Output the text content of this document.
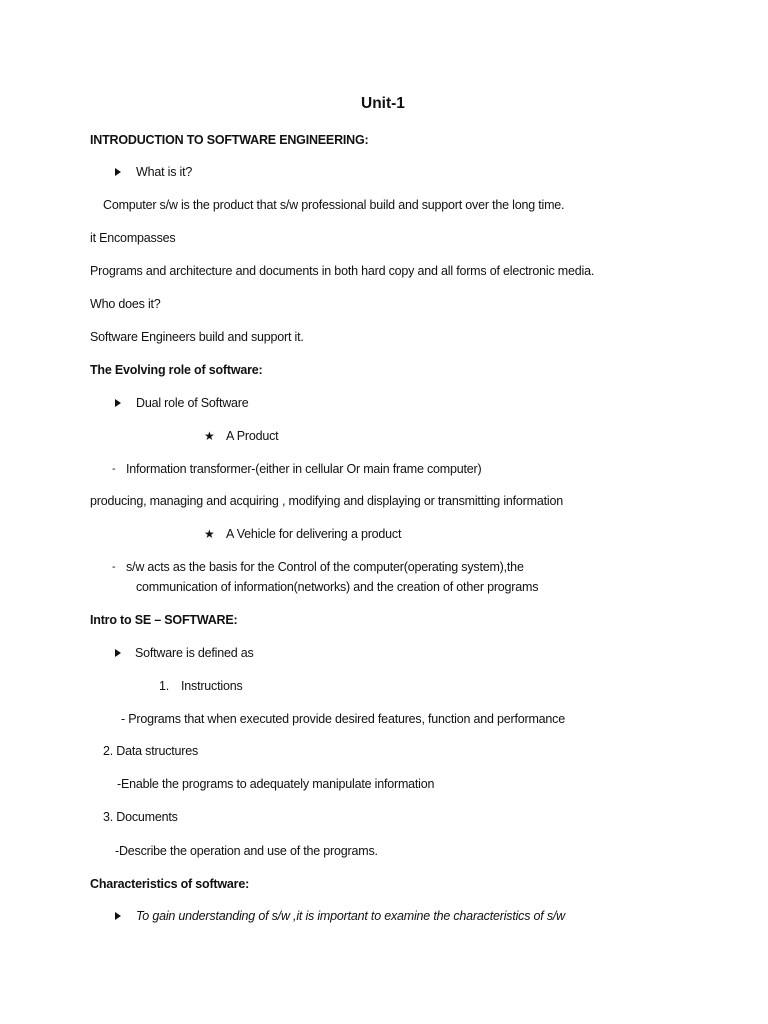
Unit-1
INTRODUCTION TO SOFTWARE ENGINEERING:
What is it?
Computer s/w is the product that s/w professional build and support over the long time.
it Encompasses
Programs and architecture and documents in both hard copy and all forms of electronic media.
Who does it?
Software Engineers build and support it.
The Evolving role of software:
Dual role of Software
★ A Product
- Information transformer-(either in cellular Or main frame computer)
producing, managing and acquiring , modifying and displaying or transmitting information
★ A Vehicle for delivering a product
- s/w acts as the basis for the Control of the computer(operating system),the
communication of information(networks) and the creation of other programs
Intro to SE – SOFTWARE:
Software is defined as
1. Instructions
- Programs that when executed provide desired features, function and performance
2. Data structures
-Enable the programs to adequately manipulate information
3. Documents
-Describe the operation and use of the programs.
Characteristics of software:
To gain understanding of s/w ,it is important to examine the characteristics of s/w
